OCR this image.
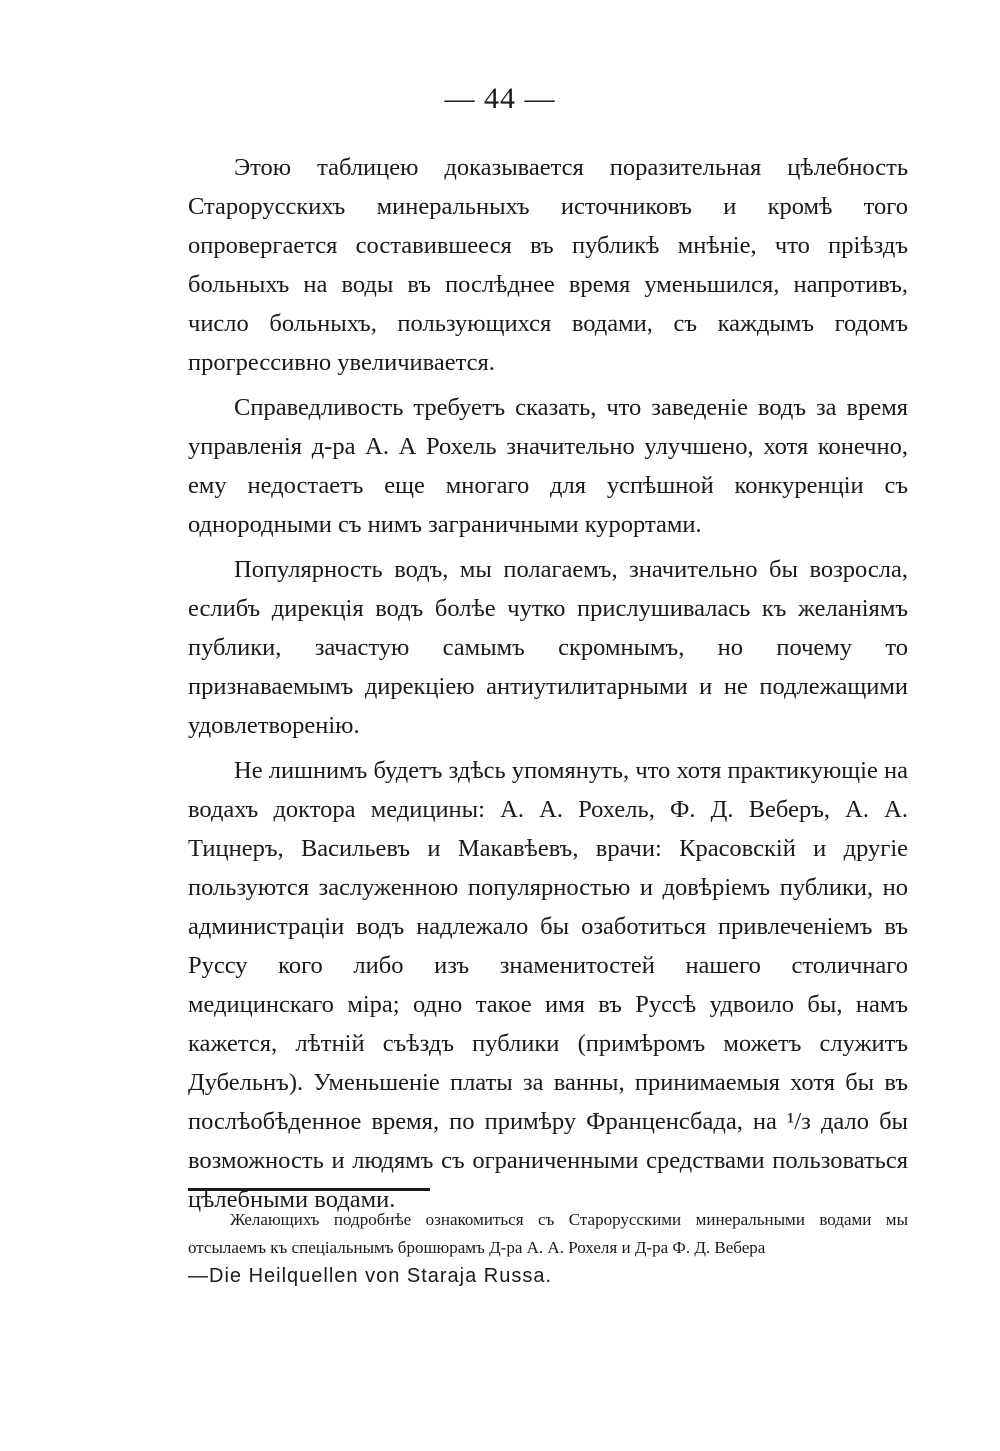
— 44 —

Этою таблицею доказывается поразительная цѣлебность Старорусскихъ минеральныхъ источниковъ и кромѣ того опровергается составившееся въ публикѣ мнѣніе, что пріѣздъ больныхъ на воды въ послѣднее время уменьшился, напротивъ, число больныхъ, пользующихся водами, съ каждымъ годомъ прогрессивно увеличивается.

Справедливость требуетъ сказать, что заведеніе водъ за время управленія д-ра А. А Рохель значительно улучшено, хотя конечно, ему недостаетъ еще многаго для успѣшной конкуренціи съ однородными съ нимъ заграничными курортами.

Популярность водъ, мы полагаемъ, значительно бы возросла, еслибъ дирекція водъ болѣе чутко прислушивалась къ желаніямъ публики, зачастую самымъ скромнымъ, но почему то признаваемымъ дирекціею антиутилитарными и не подлежащими удовлетворенію.

Не лишнимъ будетъ здѣсь упомянуть, что хотя практикующіе на водахъ доктора медицины: А. А. Рохель, Ф. Д. Веберъ, А. А. Тицнеръ, Васильевъ и Макавѣевъ, врачи: Красовскій и другіе пользуются заслуженною популярностью и довѣріемъ публики, но администраціи водъ надлежало бы озаботиться привлеченіемъ въ Руссу кого либо изъ знаменитостей нашего столичнаго медицинскаго міра; одно такое имя въ Руссѣ удвоило бы, намъ кажется, лѣтній съѣздъ публики (примѣромъ можетъ служитъ Дубельнъ). Уменьшеніе платы за ванны, принимаемыя хотя бы въ послѣобѣденное время, по примѣру Франценсбада, на ¹/з дало бы возможность и людямъ съ ограниченными средствами пользоваться цѣлебными водами.

Желающихъ подробнѣе ознакомиться съ Старорусскими минеральными водами мы отсылаемъ къ спеціальнымъ брошюрамъ Д-ра А. А. Рохеля и Д-ра Ф. Д. Вебера
—Die Heilquellen von Staraja Russa.
